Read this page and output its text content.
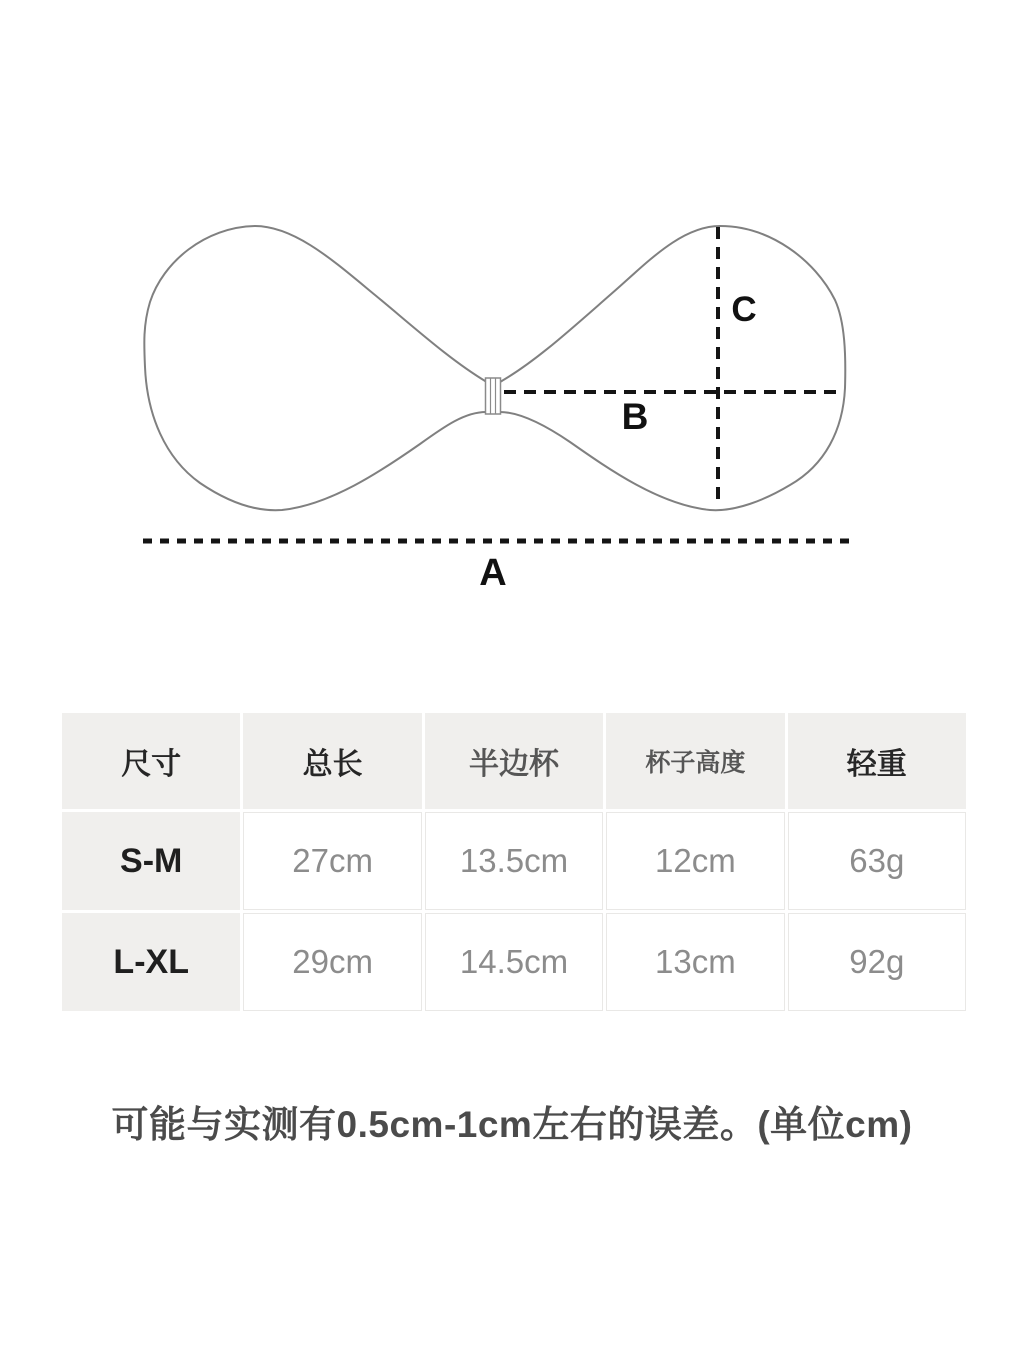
A
B
C
尺寸	总长	半边杯	杯子高度	轻重
S-M	27cm	13.5cm	12cm	63g
L-XL	29cm	14.5cm	13cm	92g
可能与实测有0.5cm-1cm左右的误差。(单位cm)
